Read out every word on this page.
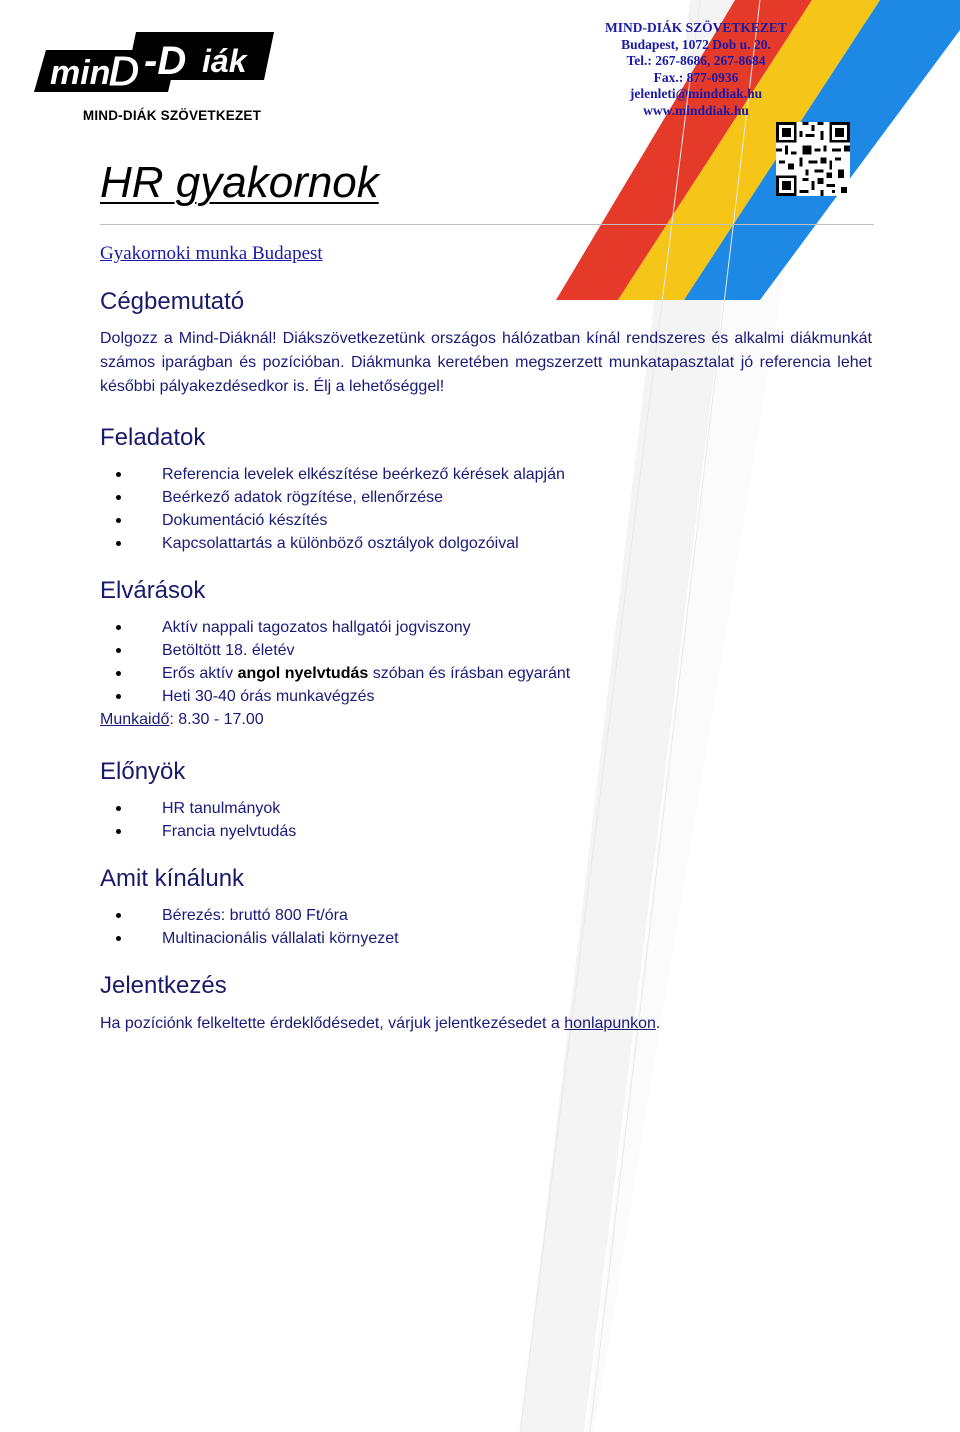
min
D -D iák
MIND-DIÁK SZÖVETKEZET
MIND-DIÁK SZÖVETKEZET
Budapest, 1072 Dob u. 20.
Tel.: 267-8686, 267-8684
Fax.: 877-0936
jelenleti@minddiak.hu
www.minddiak.hu
HR gyakornok
Gyakornoki munka Budapest
Cégbemutató
Dolgozz a Mind-Diáknál! Diákszövetkezetünk országos hálózatban kínál rendszeres és alkalmi diákmunkát számos iparágban és pozícióban. Diákmunka keretében megszerzett munkatapasztalat jó referencia lehet későbbi pályakezdésedkor is. Élj a lehetőséggel!
Feladatok
Referencia levelek elkészítése beérkező kérések alapján
Beérkező adatok rögzítése, ellenőrzése
Dokumentáció készítés
Kapcsolattartás a különböző osztályok dolgozóival
Elvárások
Aktív nappali tagozatos hallgatói jogviszony
Betöltött 18. életév
Erős aktív angol nyelvtudás szóban és írásban egyaránt
Heti 30-40 órás munkavégzés
Munkaidő: 8.30 - 17.00
Előnyök
HR tanulmányok
Francia nyelvtudás
Amit kínálunk
Bérezés: bruttó 800 Ft/óra
Multinacionális vállalati környezet
Jelentkezés
Ha pozíciónk felkeltette érdeklődésedet, várjuk jelentkezésedet a honlapunkon.
